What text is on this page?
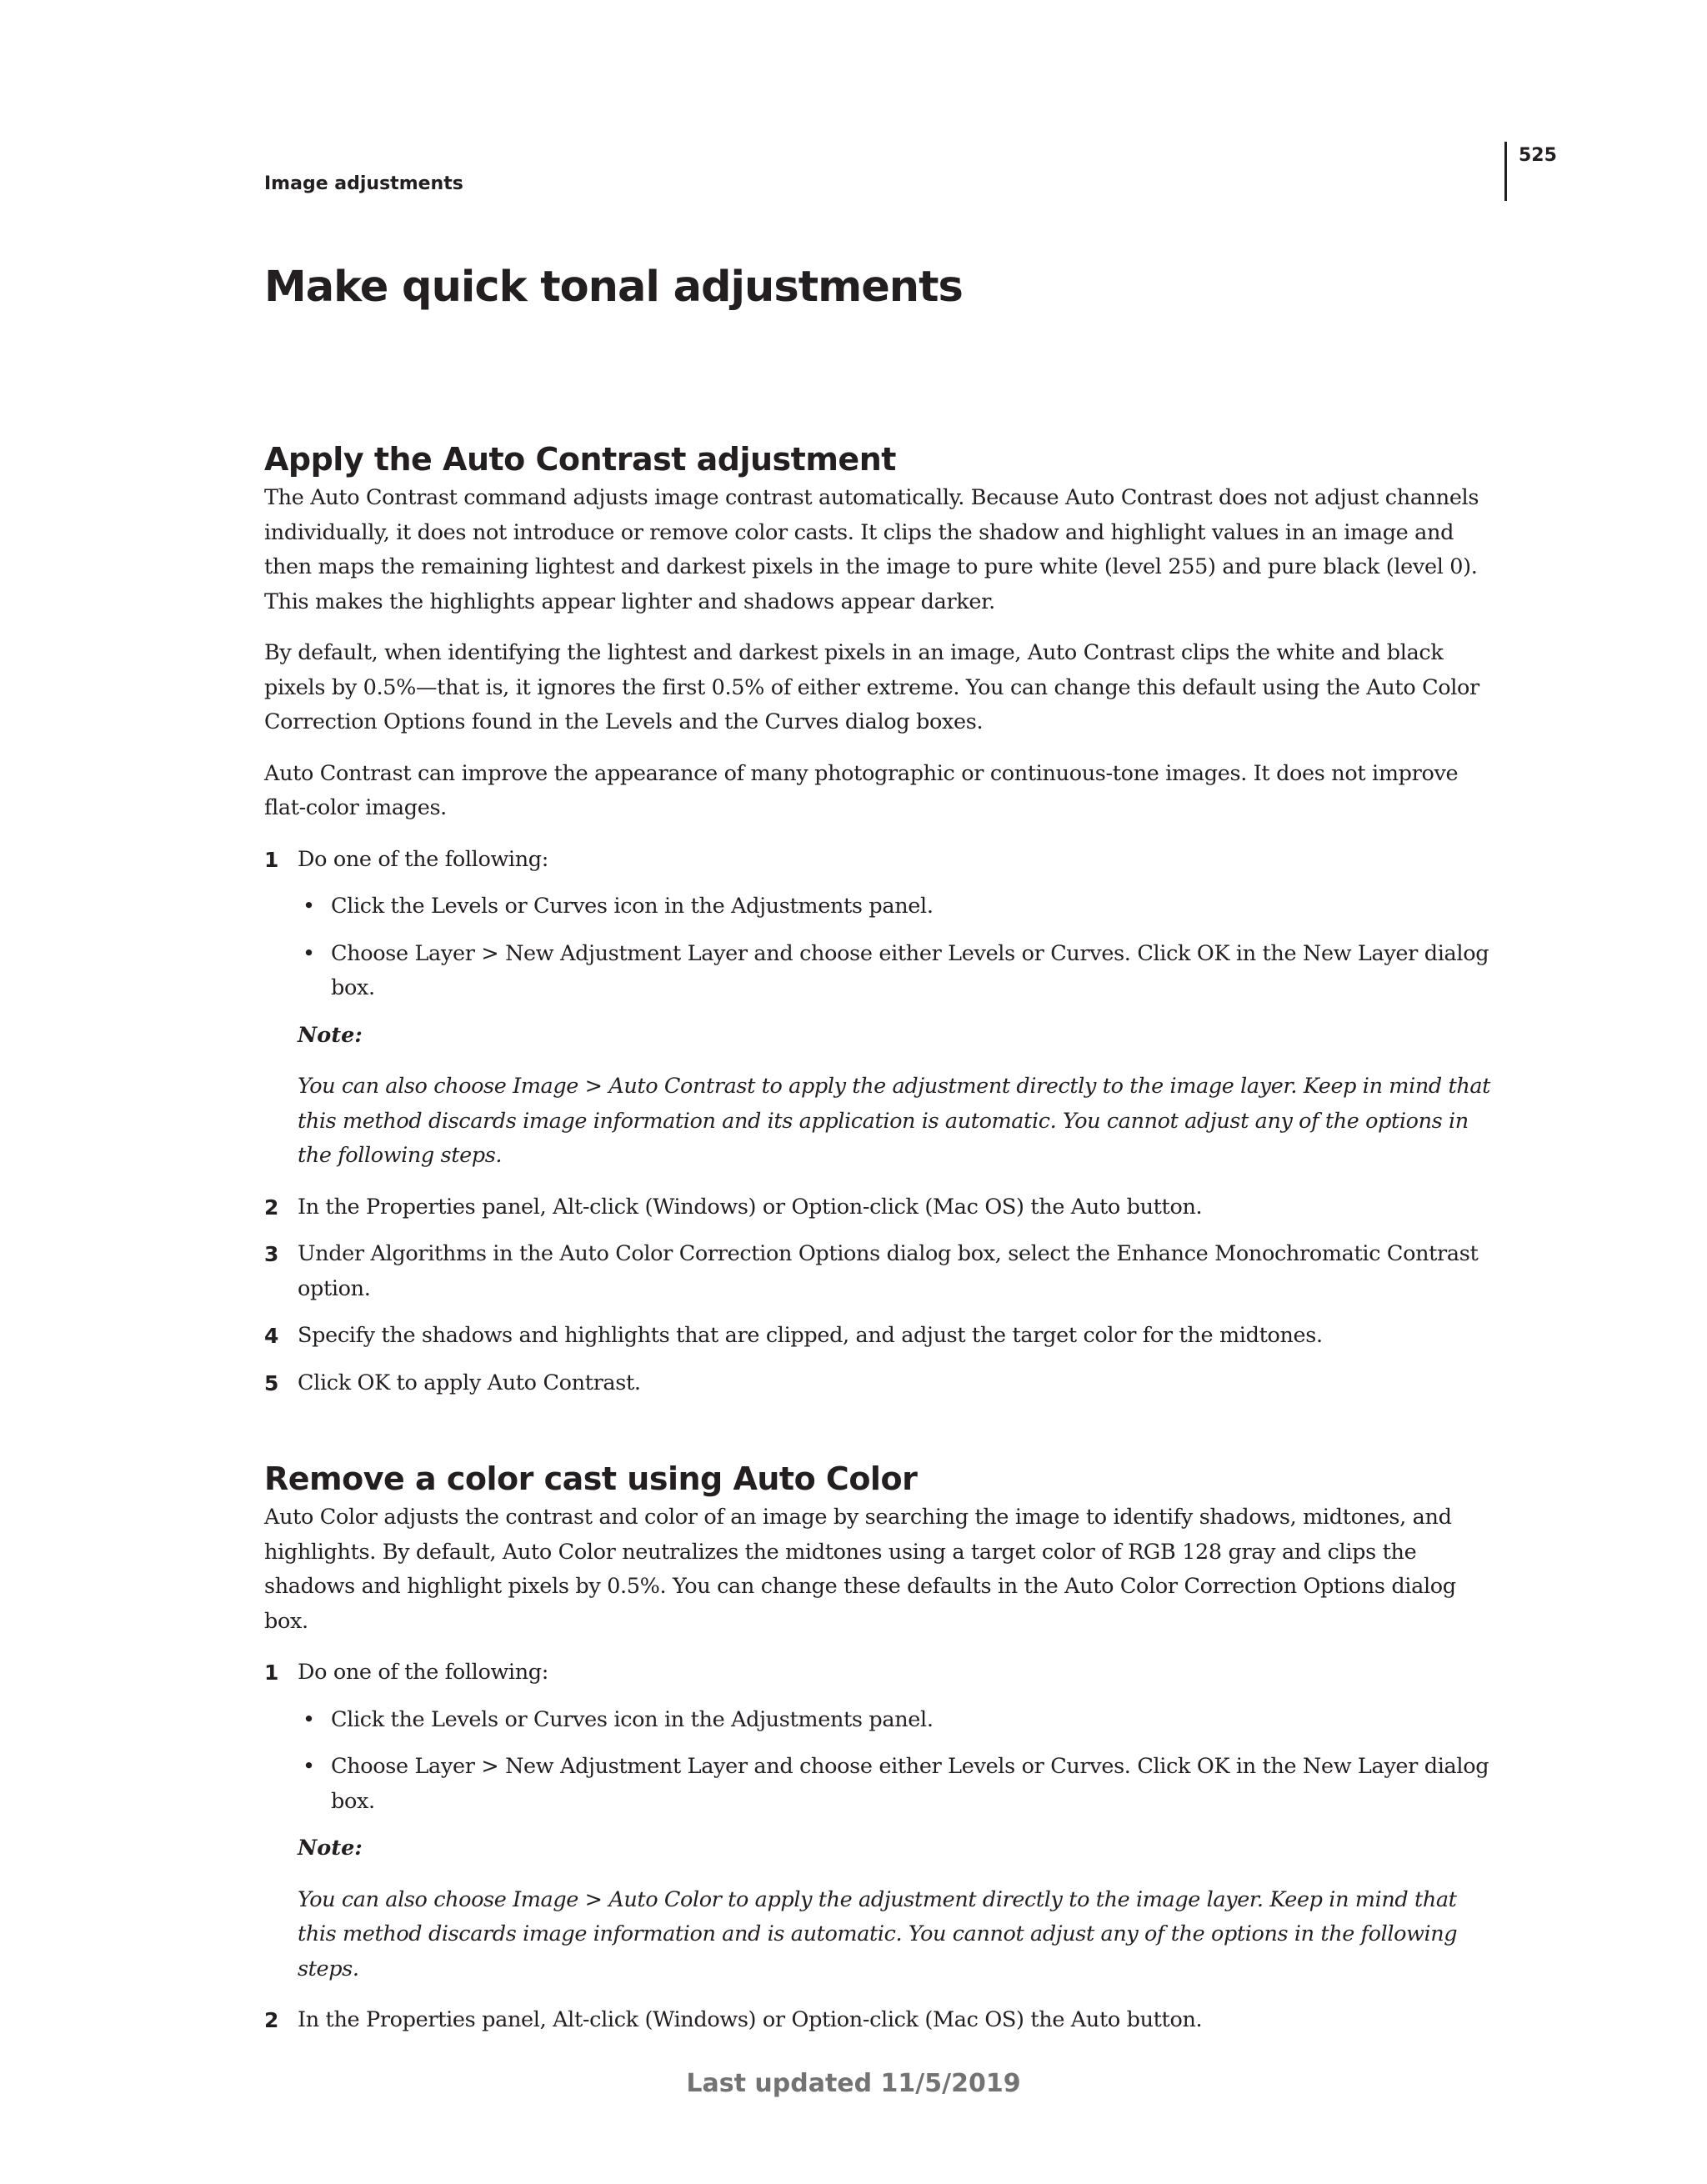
Image adjustments
525
Make quick tonal adjustments
Apply the Auto Contrast adjustment

The Auto Contrast command adjusts image contrast automatically. Because Auto Contrast does not adjust channels individually, it does not introduce or remove color casts. It clips the shadow and highlight values in an image and then maps the remaining lightest and darkest pixels in the image to pure white (level 255) and pure black (level 0). This makes the highlights appear lighter and shadows appear darker.

By default, when identifying the lightest and darkest pixels in an image, Auto Contrast clips the white and black pixels by 0.5%—that is, it ignores the first 0.5% of either extreme. You can change this default using the Auto Color Correction Options found in the Levels and the Curves dialog boxes.

Auto Contrast can improve the appearance of many photographic or continuous-tone images. It does not improve flat-color images.

1 Do one of the following:
• Click the Levels or Curves icon in the Adjustments panel.
• Choose Layer > New Adjustment Layer and choose either Levels or Curves. Click OK in the New Layer dialog box.
Note:
You can also choose Image > Auto Contrast to apply the adjustment directly to the image layer. Keep in mind that this method discards image information and its application is automatic. You cannot adjust any of the options in the following steps.
2 In the Properties panel, Alt-click (Windows) or Option-click (Mac OS) the Auto button.
3 Under Algorithms in the Auto Color Correction Options dialog box, select the Enhance Monochromatic Contrast option.
4 Specify the shadows and highlights that are clipped, and adjust the target color for the midtones.
5 Click OK to apply Auto Contrast.
Remove a color cast using Auto Color

Auto Color adjusts the contrast and color of an image by searching the image to identify shadows, midtones, and highlights. By default, Auto Color neutralizes the midtones using a target color of RGB 128 gray and clips the shadows and highlight pixels by 0.5%. You can change these defaults in the Auto Color Correction Options dialog box.

1 Do one of the following:
• Click the Levels or Curves icon in the Adjustments panel.
• Choose Layer > New Adjustment Layer and choose either Levels or Curves. Click OK in the New Layer dialog box.
Note:
You can also choose Image > Auto Color to apply the adjustment directly to the image layer. Keep in mind that this method discards image information and is automatic. You cannot adjust any of the options in the following steps.
2 In the Properties panel, Alt-click (Windows) or Option-click (Mac OS) the Auto button.
Last updated 11/5/2019
